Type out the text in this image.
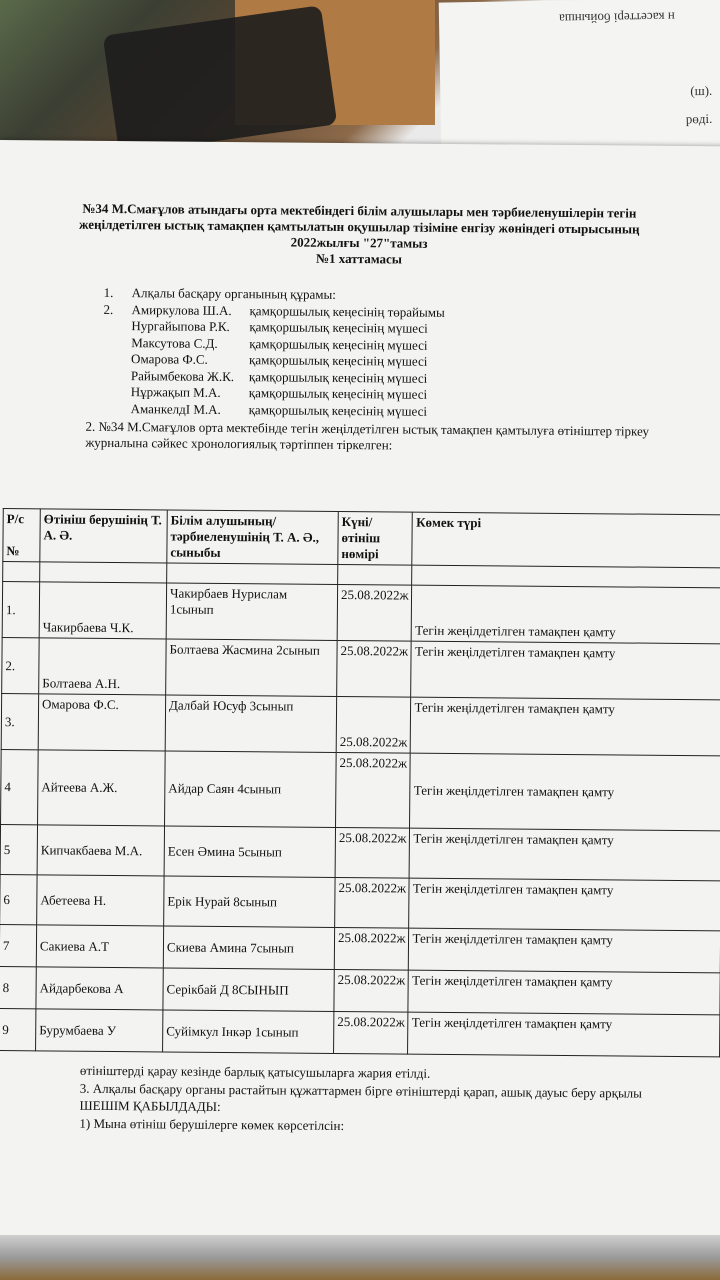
н касеттері бойынша
(ш).
рөді.
№34 М.Смағұлов атындағы орта мектебіндегі білім алушылары мен тәрбиеленушілерін тегін
жеңілдетілген ыстық тамақпен қамтылатын оқушылар тізіміне енгізу жөніндегі отырысының
2022жылғы "27"тамыз
№1 хаттамасы
1.	Алқалы басқару органының құрамы:
2.	Амиркулова Ш.А.	қамқоршылық кеңесінің төрайымы
Нургайыпова Р.К.	қамқоршылық кеңесінің мүшесі
Максутова С.Д.	қамқоршылық кеңесінің мүшесі
Омарова Ф.С.	қамқоршылық кеңесінің мүшесі
Райымбекова Ж.К.	қамқоршылық кеңесінің мүшесі
Нұржақып М.А.	қамқоршылық кеңесінің мүшесі
АманкелдІ М.А.	қамқоршылық кеңесінің мүшесі
2. №34 М.Смағұлов орта мектебінде тегін жеңілдетілген ыстық тамақпен қамтылуға өтініштер тіркеу журналына сәйкес хронологиялық тәртіппен тіркелген:
Р/с

№	Өтініш берушінің Т. А. Ә.	Білім алушының/тәрбиеленушінің Т. А. Ә., сыныбы	Күні/өтініш нөмірі	Көмек түрі

1.	Чакирбаева Ч.К.	Чакирбаев Нурислам 1сынып	25.08.2022ж	Тегін жеңілдетілген тамақпен қамту
2.	Болтаева А.Н.	Болтаева Жасмина 2сынып	25.08.2022ж	Тегін жеңілдетілген тамақпен қамту
3.	Омарова Ф.С.	Далбай Юсуф 3сынып	25.08.2022ж	Тегін жеңілдетілген тамақпен қамту
4	Айтеева А.Ж.	Айдар Саян 4сынып	25.08.2022ж	Тегін жеңілдетілген тамақпен қамту
5	Кипчакбаева М.А.	Есен Әмина 5сынып	25.08.2022ж	Тегін жеңілдетілген тамақпен қамту
6	Абетеева Н.	Ерік Нурай 8сынып	25.08.2022ж	Тегін жеңілдетілген тамақпен қамту
7	Сакиева А.Т	Скиева Амина 7сынып	25.08.2022ж	Тегін жеңілдетілген тамақпен қамту
8	Айдарбекова А	Серікбай Д 8СЫНЫП	25.08.2022ж	Тегін жеңілдетілген тамақпен қамту
9	Бурумбаева У	Суйімкул Інкәр 1сынып	25.08.2022ж	Тегін жеңілдетілген тамақпен қамту
өтініштерді қарау кезінде барлық қатысушыларға жария етілді.
3. Алқалы басқару органы растайтын құжаттармен бірге өтініштерді қарап, ашық дауыс беру арқылы
ШЕШІМ ҚАБЫЛДАДЫ:
1) Мына өтініш берушілерге көмек көрсетілсін:
